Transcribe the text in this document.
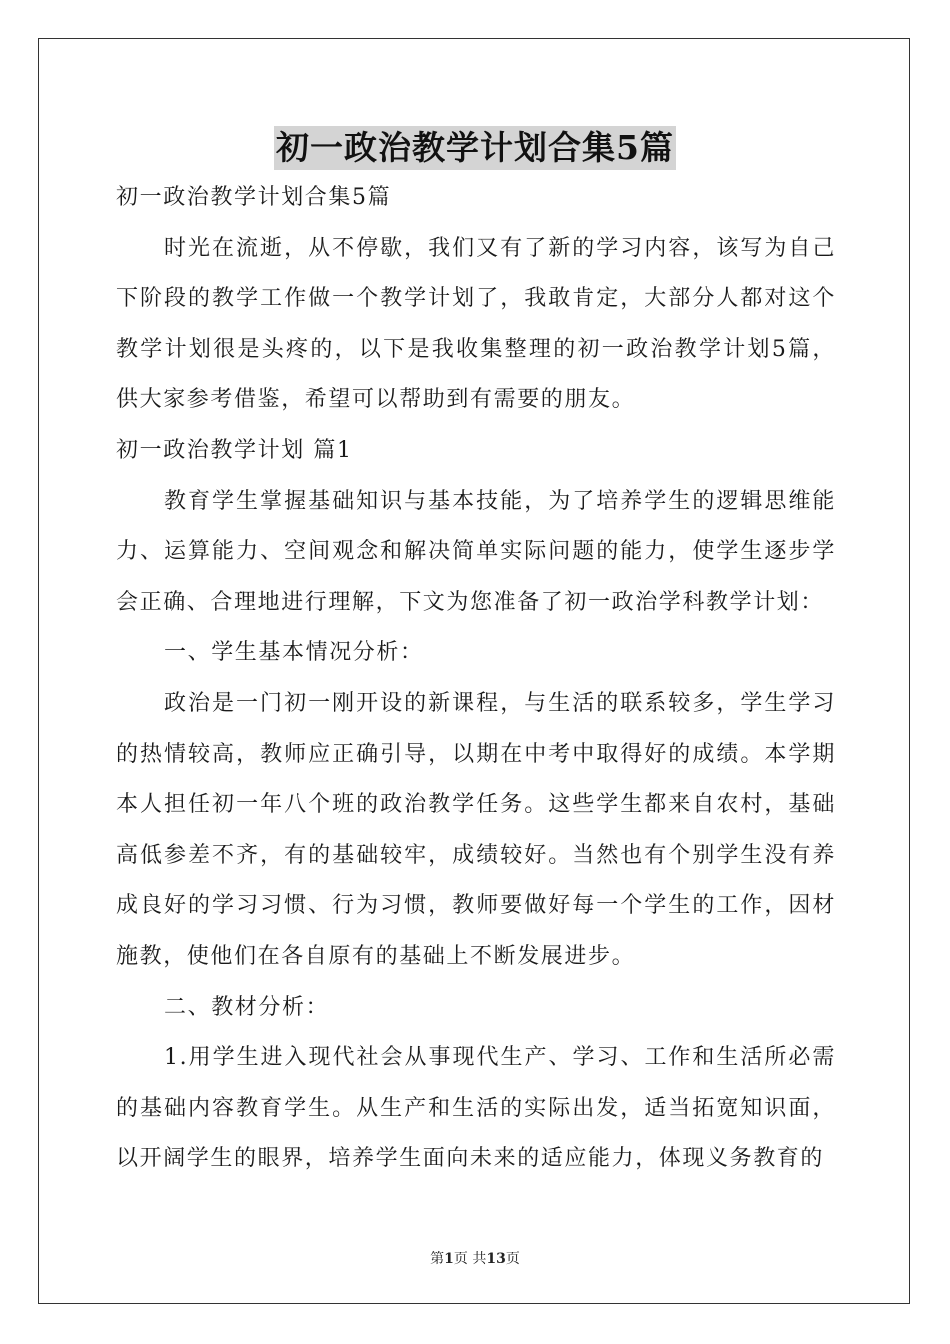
初一政治教学计划合集5篇
初一政治教学计划合集5篇
时光在流逝，从不停歇，我们又有了新的学习内容，该写为自己下阶段的教学工作做一个教学计划了，我敢肯定，大部分人都对这个教学计划很是头疼的，以下是我收集整理的初一政治教学计划5篇，供大家参考借鉴，希望可以帮助到有需要的朋友。
初一政治教学计划 篇1
教育学生掌握基础知识与基本技能，为了培养学生的逻辑思维能力、运算能力、空间观念和解决简单实际问题的能力，使学生逐步学会正确、合理地进行理解，下文为您准备了初一政治学科教学计划：
一、学生基本情况分析：
政治是一门初一刚开设的新课程，与生活的联系较多，学生学习的热情较高，教师应正确引导，以期在中考中取得好的成绩。本学期本人担任初一年八个班的政治教学任务。这些学生都来自农村，基础高低参差不齐，有的基础较牢，成绩较好。当然也有个别学生没有养成良好的学习习惯、行为习惯，教师要做好每一个学生的工作，因材施教，使他们在各自原有的基础上不断发展进步。
二、教材分析：
1.用学生进入现代社会从事现代生产、学习、工作和生活所必需的基础内容教育学生。从生产和生活的实际出发，适当拓宽知识面，以开阔学生的眼界，培养学生面向未来的适应能力，体现义务教育的
第1页 共13页
